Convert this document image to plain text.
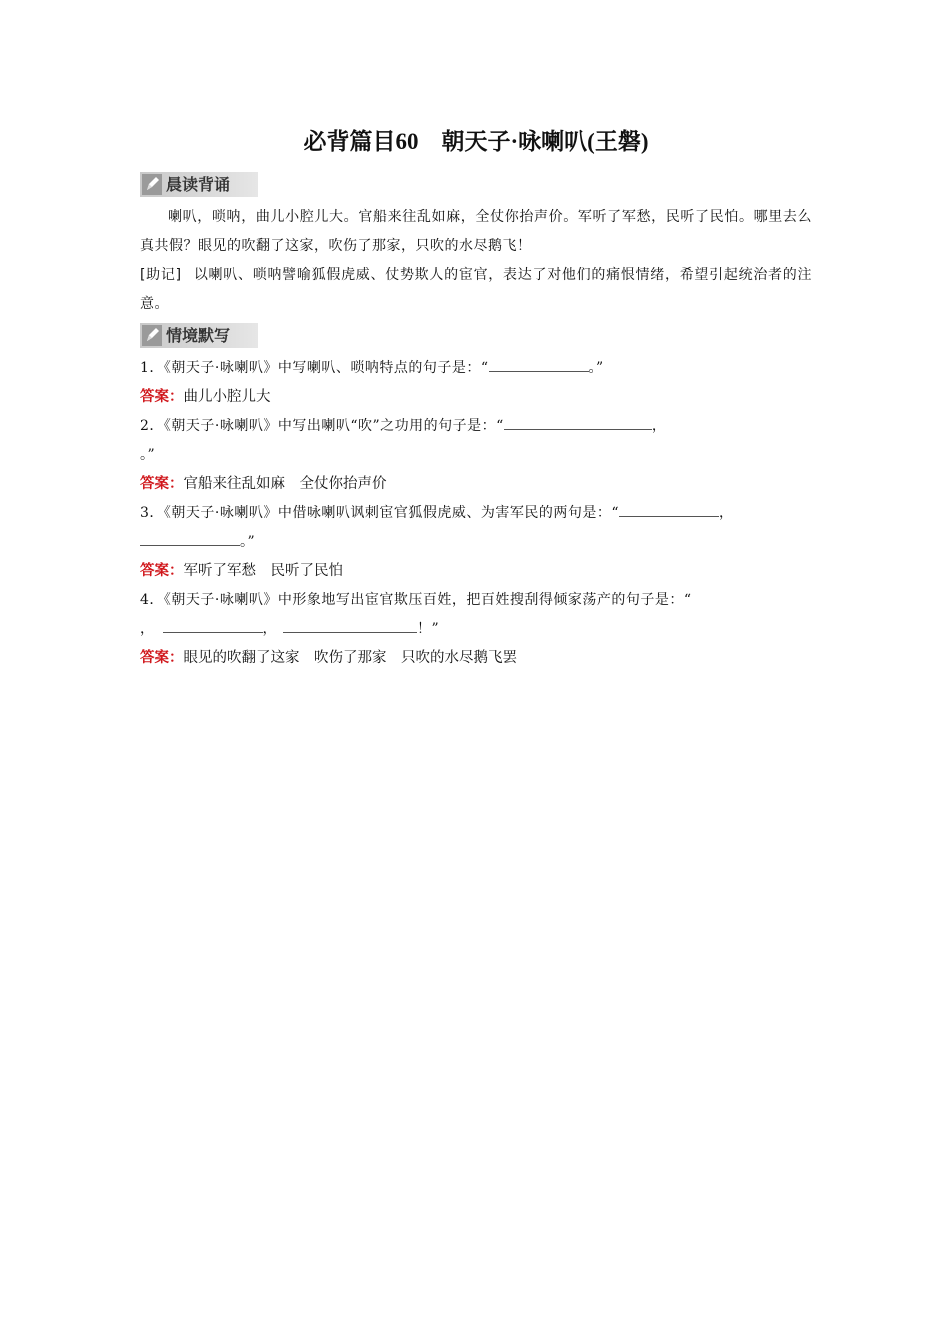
必背篇目60　朝天子·咏喇叭(王磐)
晨读背诵

喇叭，唢呐，曲儿小腔儿大。官船来往乱如麻，全仗你抬声价。军听了军愁，民听了民怕。哪里去么真共假？眼见的吹翻了这家，吹伤了那家，只吹的水尽鹅飞！

[助记] 以喇叭、唢呐譬喻狐假虎威、仗势欺人的宦官，表达了对他们的痛恨情绪，希望引起统治者的注意。

情境默写

1．《朝天子·咏喇叭》中写喇叭、唢呐特点的句子是：“	。”

答案：曲儿小腔儿大

2．《朝天子·咏喇叭》中写出喇叭“吹”之功用的句子是：“	，
。”

答案：官船来往乱如麻　全仗你抬声价

3．《朝天子·咏喇叭》中借咏喇叭讽刺宦官狐假虎威、为害军民的两句是：“	，
。”

答案：军听了军愁　民听了民怕

4．《朝天子·咏喇叭》中形象地写出宦官欺压百姓，把百姓搜刮得倾家荡产的句子是：“
，	，	！”

答案：眼见的吹翻了这家　吹伤了那家　只吹的水尽鹅飞罢
